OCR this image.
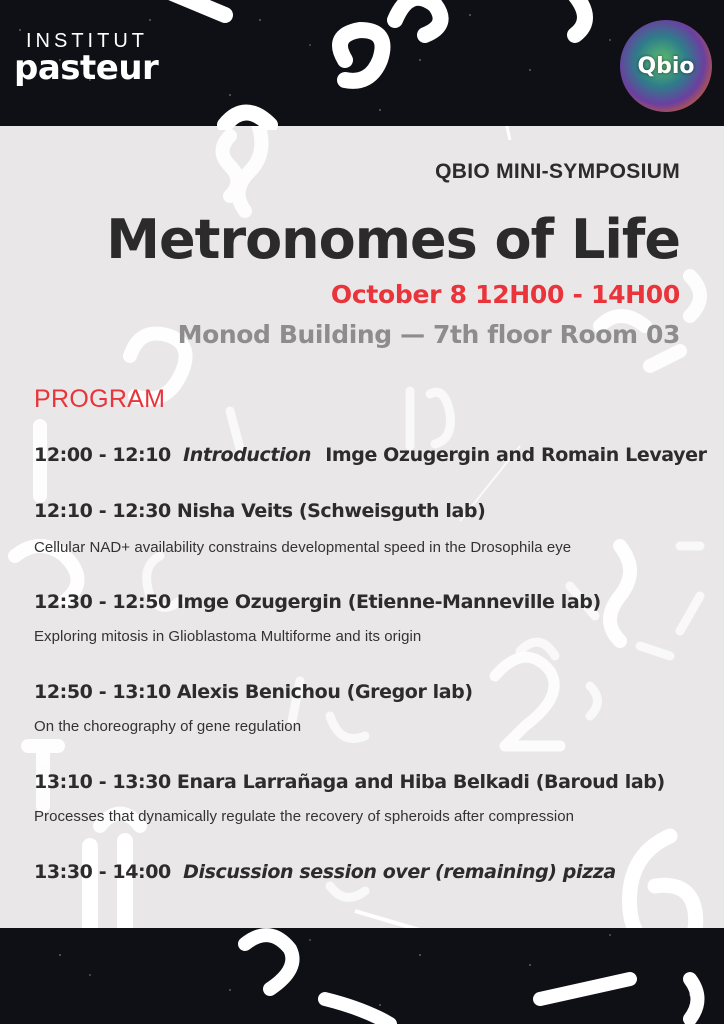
INSTITUT
pasteur	Qbio
QBIO MINI-SYMPOSIUM
Metronomes of Life
October 8 12H00 - 14H00
Monod Building — 7th floor Room 03
PROGRAM
12:00 - 12:10 Introduction Imge Ozugergin and Romain Levayer
12:10 - 12:30 Nisha Veits (Schweisguth lab)
Cellular NAD+ availability constrains developmental speed in the Drosophila eye
12:30 - 12:50 Imge Ozugergin (Etienne-Manneville lab)
Exploring mitosis in Glioblastoma Multiforme and its origin
12:50 - 13:10 Alexis Benichou (Gregor lab)
On the choreography of gene regulation
13:10 - 13:30 Enara Larrañaga and Hiba Belkadi (Baroud lab)
Processes that dynamically regulate the recovery of spheroids after compression
13:30 - 14:00 Discussion session over (remaining) pizza
